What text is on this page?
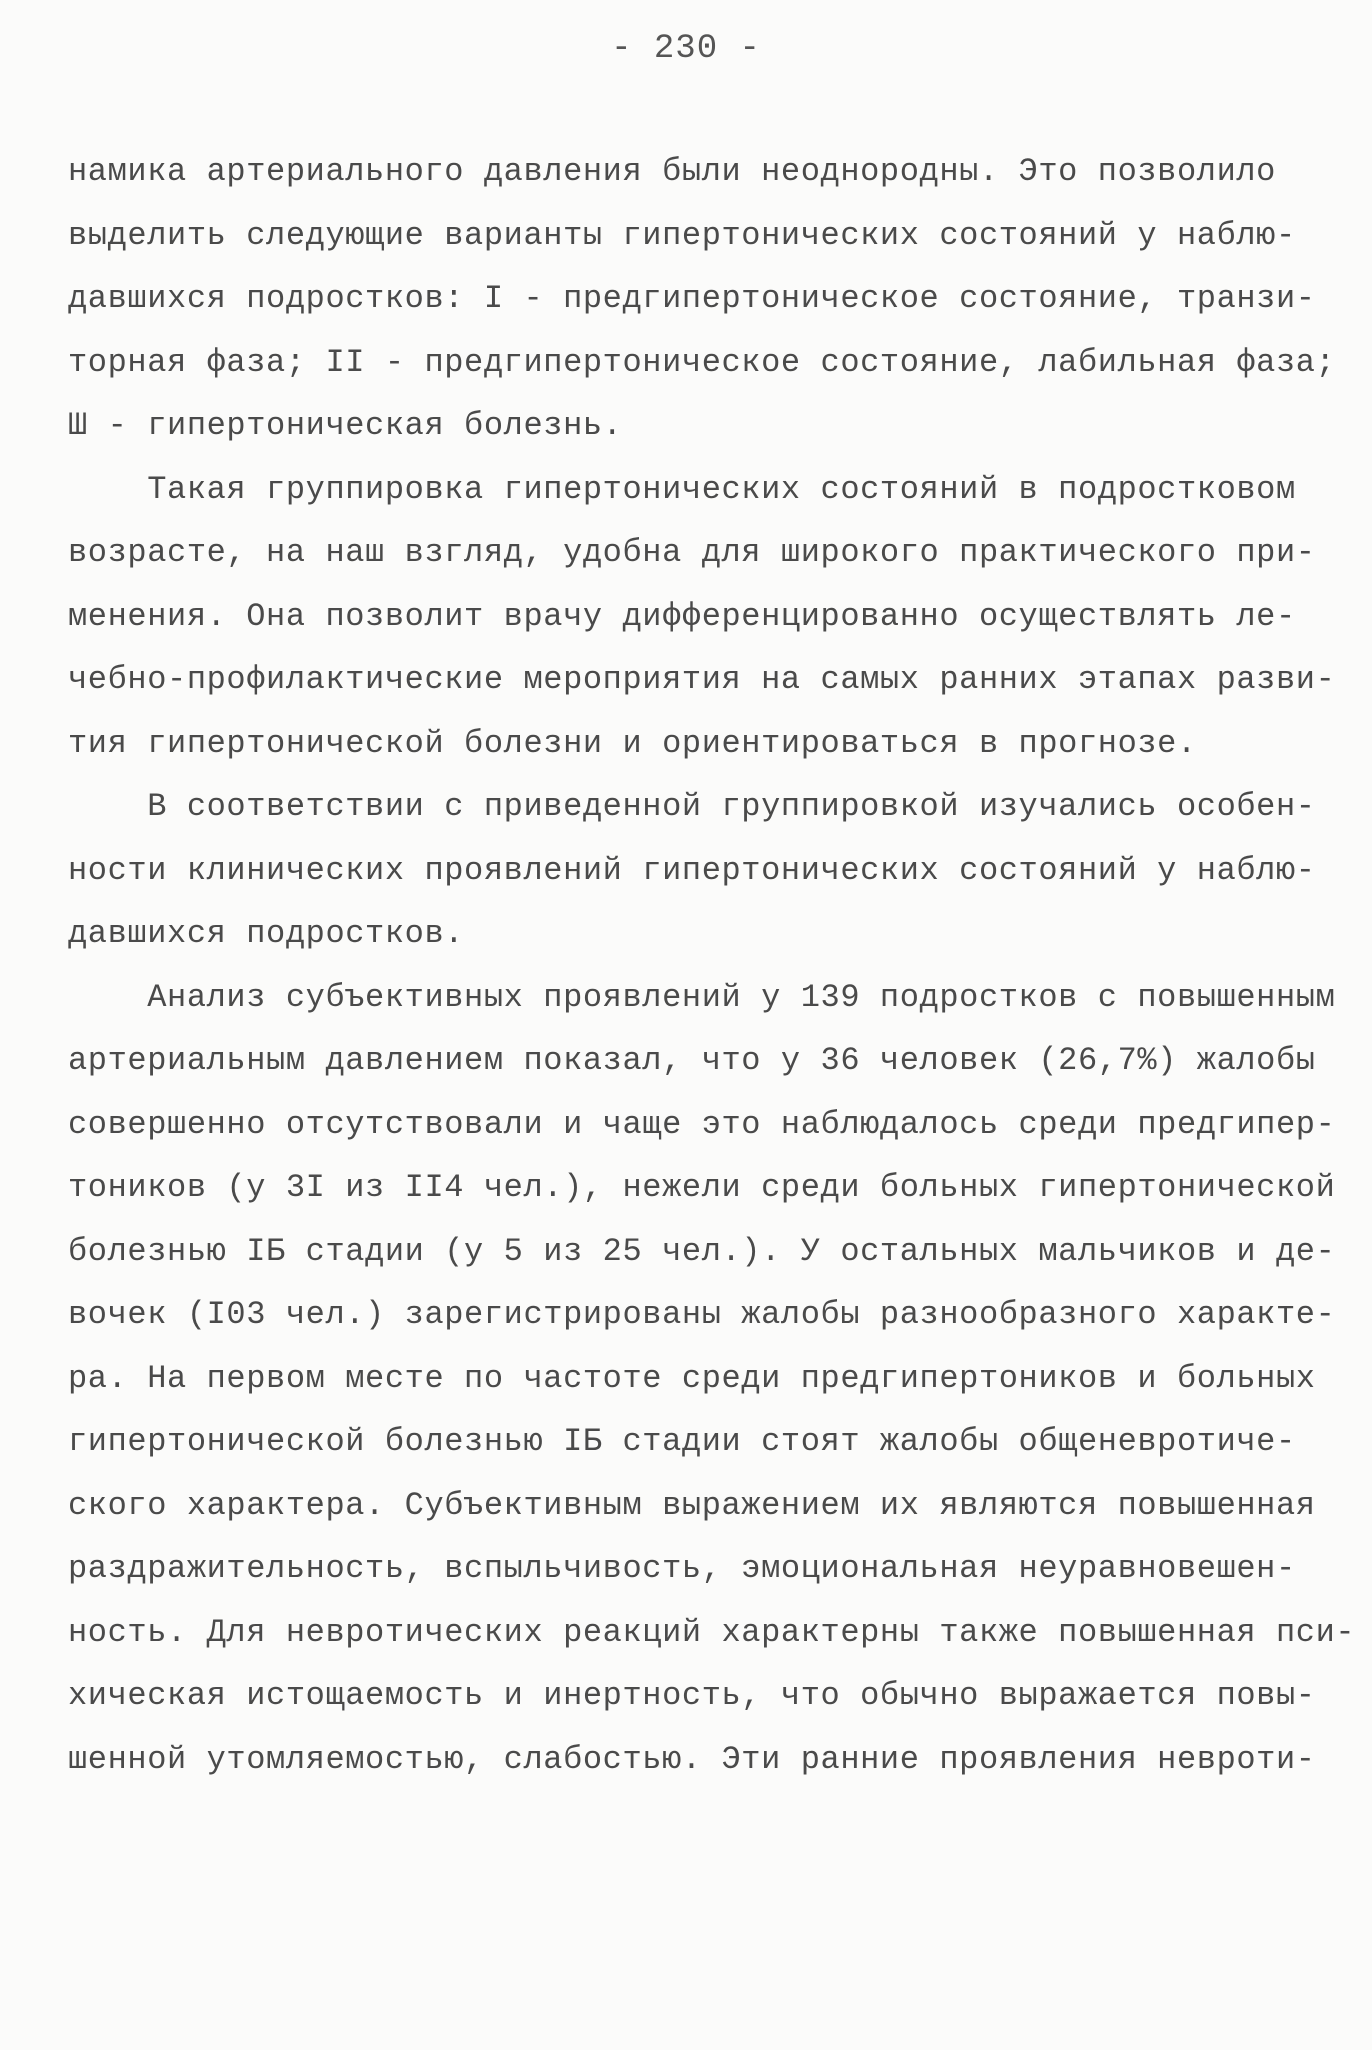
- 230 -
намика артериального давления были неоднородны. Это позволило
выделить следующие варианты гипертонических состояний у наблю-
давшихся подростков: I - предгипертоническое состояние, транзи-
торная фаза; II - предгипертоническое состояние, лабильная фаза;
Ш - гипертоническая болезнь.
Такая группировка гипертонических состояний в подростковом
возрасте, на наш взгляд, удобна для широкого практического при-
менения. Она позволит врачу дифференцированно осуществлять ле-
чебно-профилактические мероприятия на самых ранних этапах разви-
тия гипертонической болезни и ориентироваться в прогнозе.
В соответствии с приведенной группировкой изучались особен-
ности клинических проявлений гипертонических состояний у наблю-
давшихся подростков.
Анализ субъективных проявлений у 139 подростков с повышенным
артериальным давлением показал, что у 36 человек (26,7%) жалобы
совершенно отсутствовали и чаще это наблюдалось среди предгипер-
тоников (у 3I из II4 чел.), нежели среди больных гипертонической
болезнью IБ стадии (у 5 из 25 чел.). У остальных мальчиков и де-
вочек (I03 чел.) зарегистрированы жалобы разнообразного характе-
ра. На первом месте по частоте среди предгипертоников и больных
гипертонической болезнью IБ стадии стоят жалобы общеневротиче-
ского характера. Субъективным выражением их являются повышенная
раздражительность, вспыльчивость, эмоциональная неуравновешен-
ность. Для невротических реакций характерны также повышенная пси-
хическая истощаемость и инертность, что обычно выражается повы-
шенной утомляемостью, слабостью. Эти ранние проявления невроти-
